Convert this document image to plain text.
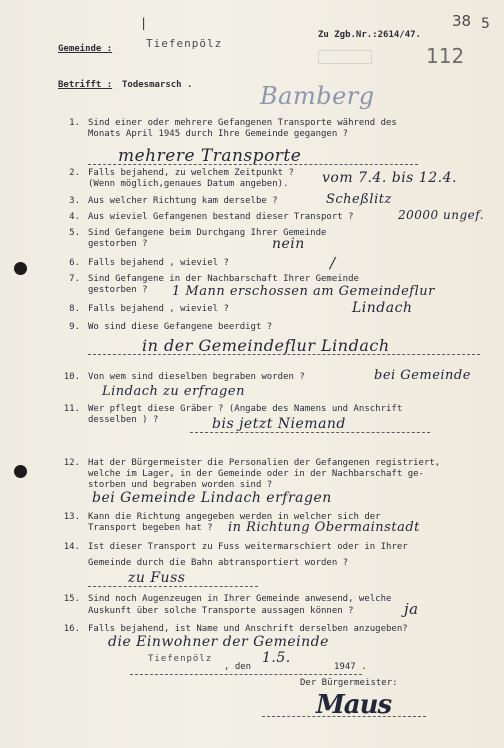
|
Zu Zgb.Nr.:2614/47.
38 5
112
Gemeinde :	Tiefenpölz
Betrifft : Todesmarsch .	Bamberg
1. Sind einer oder mehrere Gefangenen Transporte während des
Monats April 1945 durch Ihre Gemeinde gegangen ?
mehrere Transporte
2. Falls bejahend, zu welchem Zeitpunkt ?
(Wenn möglich,genaues Datum angeben). vom 7.4. bis 12.4.
3. Aus welcher Richtung kam derselbe ?	Scheßlitz
4. Aus wieviel Gefangenen bestand dieser Transport ?	20000 ungef.
5. Sind Gefangene beim Durchgang Ihrer Gemeinde
gestorben ?	nein
6. Falls bejahend , wieviel ?	/
7. Sind Gefangene in der Nachbarschaft Ihrer Gemeinde
gestorben ? 1 Mann erschossen am Gemeindeflur
8. Falls bejahend , wieviel ?	Lindach
9. Wo sind diese Gefangene beerdigt ?
in der Gemeindeflur Lindach
10. Von wem sind dieselben begraben worden ?	bei Gemeinde Lindach zu erfragen
11. Wer pflegt diese Gräber ? (Angabe des Namens und Anschrift
desselben ) ?	bis jetzt Niemand
12. Hat der Bürgermeister die Personalien der Gefangenen registriert,
welche im Lager, in der Gemeinde oder in der Nachbarschaft ge-
storben und begraben worden sind ?
bei Gemeinde Lindach erfragen
13. Kann die Richtung angegeben werden in welcher sich der
Transport begeben hat ? in Richtung Obermainstadt
14. Ist dieser Transport zu Fuss weitermarschiert oder in Ihrer
Gemeinde durch die Bahn abtransportiert worden ?
zu Fuss
15. Sind noch Augenzeugen in Ihrer Gemeinde anwesend, welche
Auskunft über solche Transporte aussagen können ?	ja
16. Falls bejahend, ist Name und Anschrift derselben anzugeben?
die Einwohner der Gemeinde
Tiefenpölz
, den
1.5.
1947 .
Der Bürgermeister:
Maus
